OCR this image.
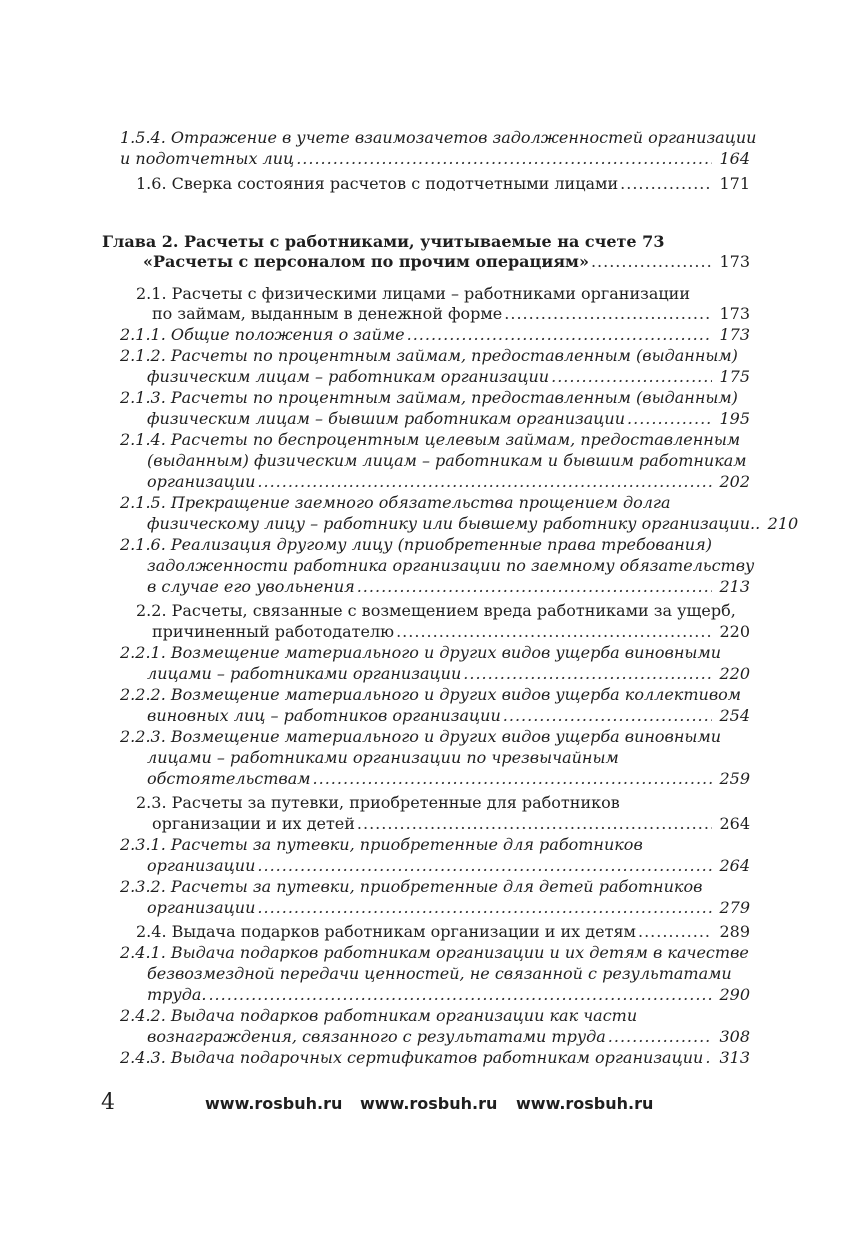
1.5.4. Отражение в учете взаимозачетов задолженностей организации
и подотчетных лиц .....	164
1.6. Сверка состояния расчетов с подотчетными лицами .....	171
Глава 2. Расчеты с работниками, учитываемые на счете 73
«Расчеты с персоналом по прочим операциям» .....	173
2.1. Расчеты с физическими лицами – работниками организации
по займам, выданным в денежной форме .....	173
2.1.1. Общие положения о займе .....	173
2.1.2. Расчеты по процентным займам, предоставленным (выданным)
физическим лицам – работникам организации .....	175
2.1.3. Расчеты по процентным займам, предоставленным (выданным)
физическим лицам – бывшим работникам организации .....	195
2.1.4. Расчеты по беспроцентным целевым займам, предоставленным
(выданным) физическим лицам – работникам и бывшим работникам
организации .....	202
2.1.5. Прекращение заемного обязательства прощением долга
физическому лицу – работнику или бывшему работнику организации.. 210
2.1.6. Реализация другому лицу (приобретенные права требования)
задолженности работника организации по заемному обязательству
в случае его увольнения .....	213
2.2. Расчеты, связанные с возмещением вреда работниками за ущерб,
причиненный работодателю .....	220
2.2.1. Возмещение материального и других видов ущерба виновными
лицами – работниками организации .....	220
2.2.2. Возмещение материального и других видов ущерба коллективом
виновных лиц – работников организации .....	254
2.2.3. Возмещение материального и других видов ущерба виновными
лицами – работниками организации по чрезвычайным
обстоятельствам .....	259
2.3. Расчеты за путевки, приобретенные для работников
организации и их детей .....	264
2.3.1. Расчеты за путевки, приобретенные для работников
организации .....	264
2.3.2. Расчеты за путевки, приобретенные для детей работников
организации .....	279
2.4. Выдача подарков работникам организации и их детям .....	289
2.4.1. Выдача подарков работникам организации и их детям в качестве
безвозмездной передачи ценностей, не связанной с результатами
труда. .....	290
2.4.2. Выдача подарков работникам организации как части
вознаграждения, связанного с результатами труда .....	308
2.4.3. Выдача подарочных сертификатов работникам организации .....	313
4	www.rosbuh.ru www.rosbuh.ru www.rosbuh.ru
